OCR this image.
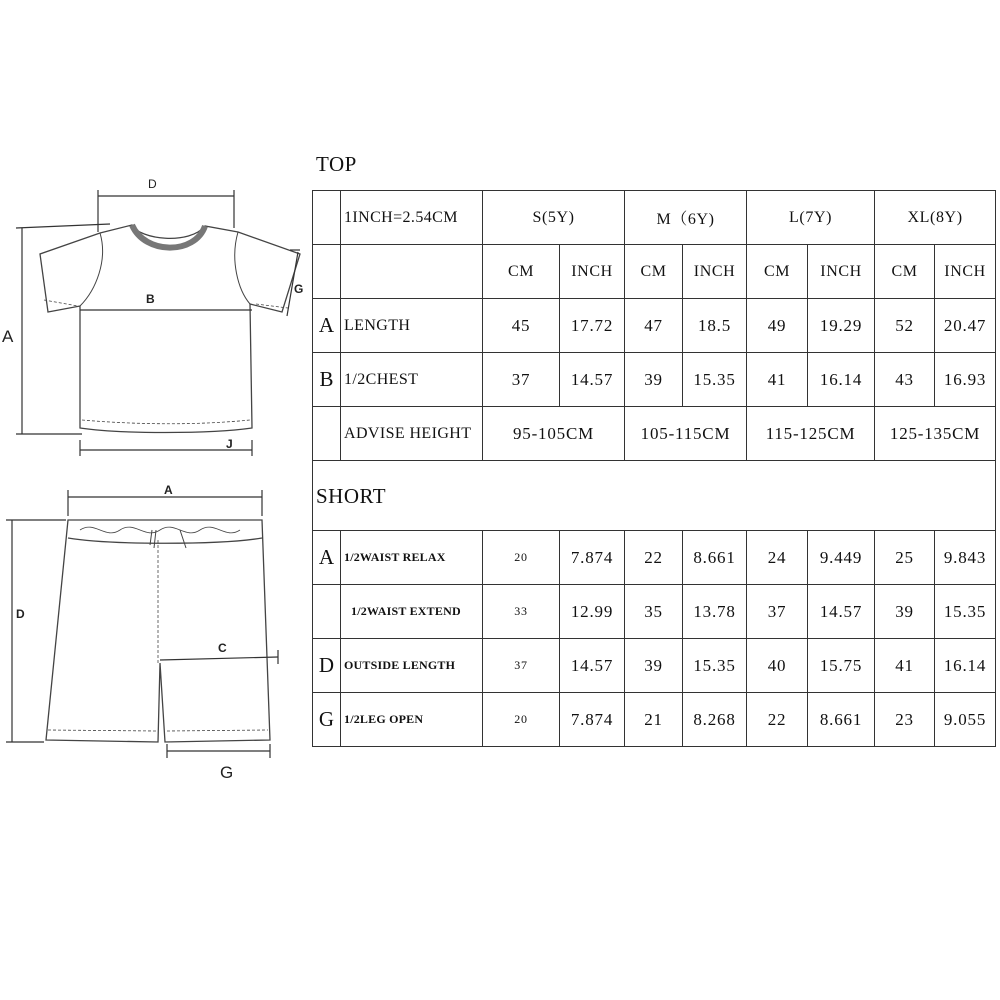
D
A
B
J
G
A
D
C
G
TOP
	1INCH=2.54CM	S(5Y)		M（6Y)		L(7Y)		XL(8Y)	
		CM	INCH	CM	INCH	CM	INCH	CM	INCH
A	LENGTH	45	17.72	47	18.5	49	19.29	52	20.47
B	1/2CHEST	37	14.57	39	15.35	41	16.14	43	16.93
	ADVISE HEIGHT	95-105CM		105-115CM		115-125CM		125-135CM	
SHORT
A	1/2WAIST RELAX	20	7.874	22	8.661	24	9.449	25	9.843
	1/2WAIST EXTEND	33	12.99	35	13.78	37	14.57	39	15.35
D	OUTSIDE LENGTH	37	14.57	39	15.35	40	15.75	41	16.14
G	1/2LEG OPEN	20	7.874	21	8.268	22	8.661	23	9.055
